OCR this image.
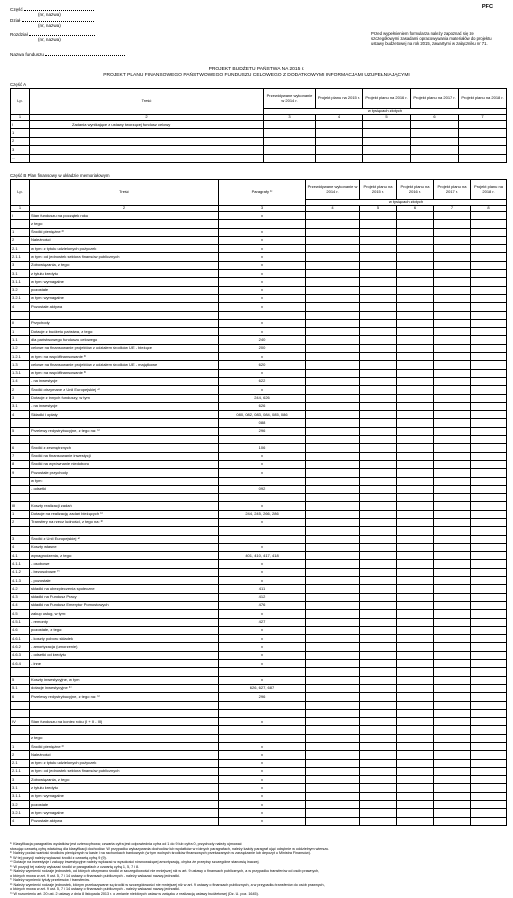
Część
(nr, nazwa)
Dział
(nr, nazwa)
Rozdział
(nr, nazwa)
Nazwa funduszu
PFC
Przed wypełnieniem formularza należy zapoznać się ze szczegółowymi zasadami opracowywania materiałów do projektu ustawy budżetowej na rok 2015, zawartymi w załączniku nr 71.
PROJEKT BUDŻETU PAŃSTWA NA 2015 r.
PROJEKT PLANU FINANSOWEGO PAŃSTWOWEGO FUNDUSZU CELOWEGO Z DODATKOWYMI INFORMACJAMI UZUPEŁNIAJĄCYMI
Część A
Lp.	Treść	Przewidywane wykonanie w 2014 r.	Projekt planu na 2015 r.	Projekt planu na 2016 r.	Projekt planu na 2017 r.	Projekt planu na 2018 r.
		w tysiącach złotych				
1	2	3	4	5	6	7
I	Zadania wynikające z ustawy tworzącej fundusz celowy					
1						
2						
3						
...						
Część B Plan finansowy w układzie memoriałowym
Lp.	Treść	Paragrafy ¹⁾	Przewidywane wykonanie w 2014 r.	Projekt planu na 2015 r.	Projekt planu na 2016 r.	Projekt planu na 2017 r.	Projekt planu na 2018 r.
			w tysiącach złotych				
1	2	3	4	5	6	7	8
I	Stan funduszu na początek roku	x					
	z tego:						
1	Środki pieniężne ²⁾	x					
2	Należności	x					
2.1	w tym: z tytułu udzielonych pożyczek	x					
2.1.1	w tym: od jednostek sektora finansów publicznych	x					
3	Zobowiązania, z tego:	x					
3.1	z tytułu kredytu	x					
3.1.1	w tym: wymagalne	x					
3.2	pozostałe	x					
3.2.1	w tym: wymagalne	x					
4	Pozostałe aktywa	x					

II	Przychody	x					
1	Dotacje z budżetu państwa, z tego:	x					
1.1	dla państwowego funduszu celowego	240					
1.2	celowe na finansowanie projektów z udziałem środków UE - bieżące	200					
1.2.1	w tym: na współfinansowanie ³⁾	x					
1.3	celowe na finansowanie projektów z udziałem środków UE - majątkowe	620					
1.3.1	w tym: na współfinansowanie ³⁾	x					
1.4	- na inwestycje	622					
2	Środki otrzymane z Unii Europejskiej ⁴⁾	x					
3	Dotacje z innych funduszy, w tym	244, 626					
3.1	- na inwestycje	626					
4	Składki i opłaty	080, 082, 083, 084, 085, 086					
		088					
5	Przelewy redystrybucyjne, z tego na: ⁵⁾	296					

6	Środki z zewnętrznych	106					
7	Środki na finansowanie inwestycji	x					
8	Środki na wyrównanie niedoboru	x					
9	Pozostałe przychody	x					
	w tym:						
	- odsetki	092					

III	Koszty realizacji zadań	x					
1	Dotacje na realizację zadań bieżących ⁶⁾	244, 245, 266, 286					
2	Transfery na rzecz ludności, z tego na: ⁶⁾	x					

3	Środki z Unii Europejskiej ⁴⁾						
4	Koszty własne	x					
4.1	wynagrodzenia, z tego:	401, 410, 417, 418					
4.1.1	- osobowe	x					
4.1.2	- bezosobowe ⁷⁾	x					
4.1.3	- pozostałe	x					
4.2	składki na ubezpieczenia społeczne	411					
4.3	składki na Fundusz Pracy	412					
4.4	składki na Fundusz Emerytur Pomostowych	476					
4.5	zakup usług, w tym:	x					
4.5.1	- remonty	427					
4.6	pozostałe, z tego:	x					
4.6.1	- koszty poboru składek	x					
4.6.2	- amortyzacja (umorzenie)	x					
4.6.3	- odsetki od kredytu	x					
4.6.4	- inne	x					

5	Koszty inwestycyjne, w tym	x					
5.1	dotacje inwestycyjne ⁶⁾	626, 627, 687					
6	Przelewy redystrybucyjne, z tego na: ⁵⁾	296					

IV	Stan funduszu na koniec roku (I + II - III)	x					

	z tego:						
1	Środki pieniężne ²⁾	x					
2	Należności	x					
2.1	w tym: z tytułu udzielonych pożyczek	x					
2.1.1	w tym: od jednostek sektora finansów publicznych	x					
3	Zobowiązania, z tego:	x					
3.1	z tytułu kredytu	x					
3.1.1	w tym: wymagalne	x					
3.2	pozostałe	x					
3.2.1	w tym: wymagalne	x					
4	Pozostałe aktywa	x					
¹⁾ Klasyfikacja paragrafów wydatków jest czterocyfrowa; czwarta cyfra jest odpowiednia cyfra od 1 do 9 lub cyfra 0, przychody należy ujmować
stosując czwartą cyfrę właściwą dla klasyfikacji dochodów. W przypadku wykazywania dochodów lub wydatków w różnych paragrafach, należy każdy paragraf ująć odrębnie w oddzielnym wierszu.
²⁾ Należy podać wartość środków pieniężnych w kasie i na rachunkach bankowych (w tym wolnych środków finansowych przekazanych w zarządzanie lub depozyt u Ministra Finansów).
³⁾ W tej pozycji należy wykazać środki z czwartą cyfrą 9 (9).
⁴⁾ Dotacje na inwestycje i zakupy inwestycyjne należy wykazać w wysokości równoważącej amortyzację, chyba że przepisy szczególne stanowią inaczej.
⁵⁾ W pozycji tej należy wykazać środki w paragrafach z czwartą cyfrą 1, 5, 7 i 8.
⁶⁾ Należy wymienić rodzaje jednostek, od których otrzymano środki w szczegółowości nie mniejszej niż w art. 9 ustawy o finansach publicznych, a w przypadku transferów od osób prawnych,
o których mowa w art. 9 ust. 5, 7 i 14 ustawy o finansach publicznych - należy wskazać nazwę jednostki.
⁷⁾ Należy wymienić tytuły przelewów / transferów.
⁸⁾ Należy wymienić rodzaje jednostek, którym przekazywane są środki w szczegółowości nie mniejszej niż w art. 9 ustawy o finansach publicznych, a w przypadku transferów do osób prawnych,
o których mowa w art. 9 ust. 5, 7 i 14 ustawy o finansach publicznych - należy wskazać nazwę jednostki.
⁹⁾ W rozumieniu art. 20 ust. 2 ustawy z dnia 8 listopada 2013 r. o zmianie niektórych ustaw w związku z realizacją ustawy budżetowej (Dz. U. poz. 1645).
